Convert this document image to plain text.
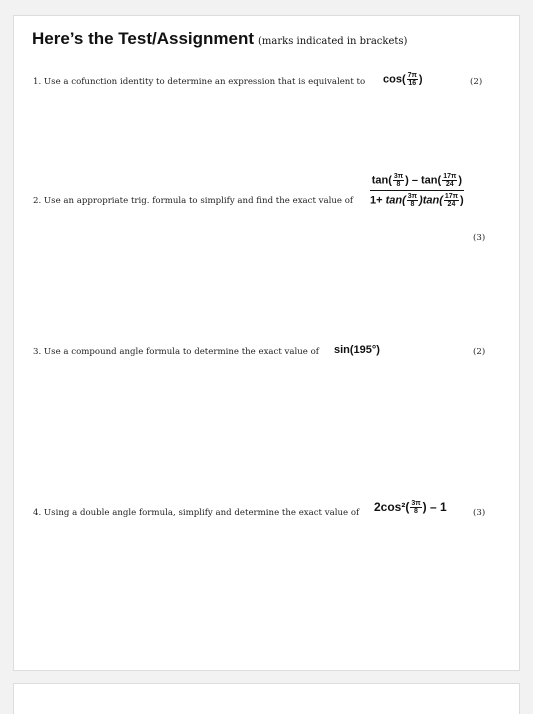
Here’s the Test/Assignment (marks indicated in brackets)
1. Use a cofunction identity to determine an expression that is equivalent to $\cos( \frac{7\pi}{16}$ )	(2)
2. Use an appropriate trig. formula to simplify and find the exact value of $\frac{\tan( \frac{3\pi}{8} ) - \tan( \frac{17\pi}{24} )}{1+ \tan( \frac{3\pi}{8} )\tan( \frac{17\pi}{24} )}$
(3)
3. Use a compound angle formula to determine the exact value of sin(195°)	(2)
4. Using a double angle formula, simplify and determine the exact value of $2\cos^2( \frac{3\pi}{8}$ ) – 1	(3)
